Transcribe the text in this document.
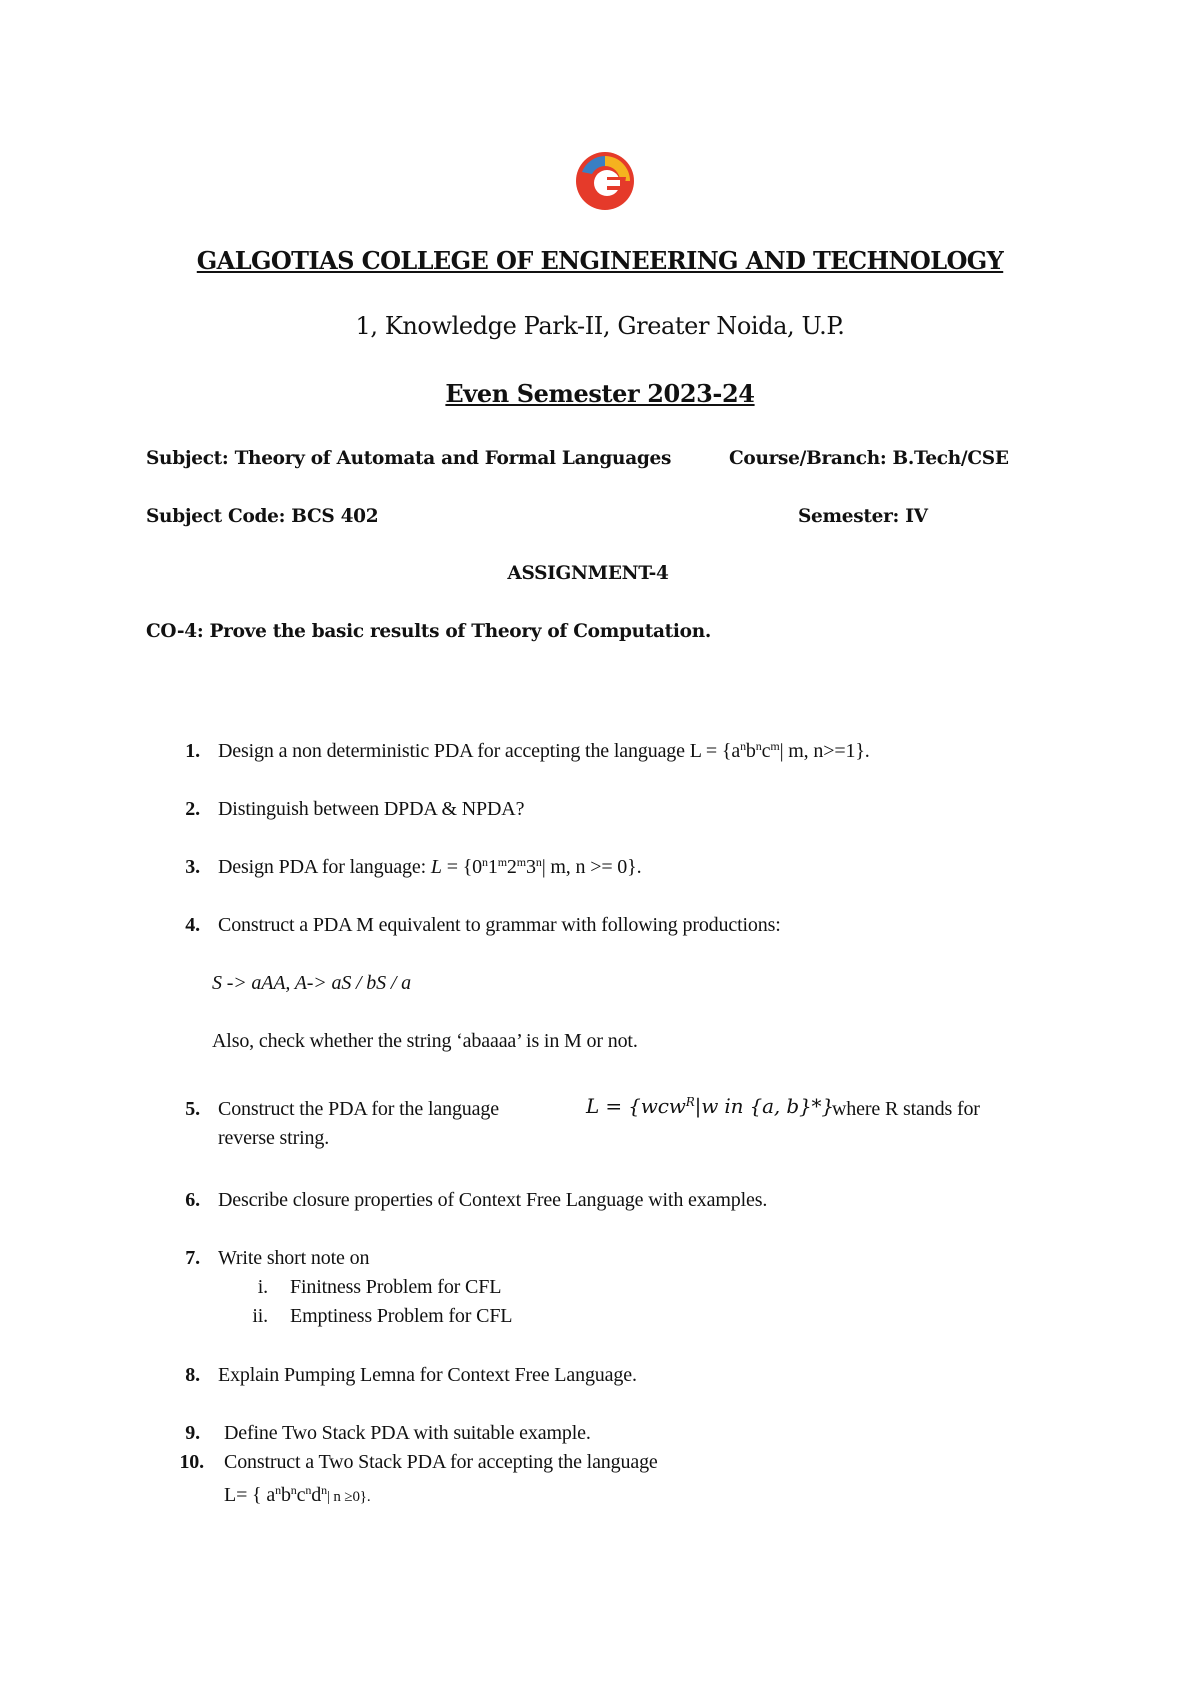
GALGOTIAS COLLEGE OF ENGINEERING AND TECHNOLOGY
1, Knowledge Park-II, Greater Noida, U.P.
Even Semester 2023-24
Subject: Theory of Automata and Formal Languages	Course/Branch: B.Tech/CSE
Subject Code: BCS 402	Semester: IV
ASSIGNMENT-4
CO-4: Prove the basic results of Theory of Computation.
1. Design a non deterministic PDA for accepting the language $L = \{a^nb^nc^m|$ m, n>=1}.
2. Distinguish between DPDA & NPDA?
3. Design PDA for language: $L = \{0^n1^m2^m3^n|$ m, n >= 0}.
4. Construct a PDA M equivalent to grammar with following productions:
S -> aAA, A-> aS / bS / a
Also, check whether the string ‘abaaaa’ is in M or not.
5. Construct the PDA for the language	L = {wcw$^R$|w in {a, b}*}
where R stands for
reverse string.
6. Describe closure properties of Context Free Language with examples.
7. Write short note on
i. Finitness Problem for CFL
ii. Emptiness Problem for CFL
8. Explain Pumping Lemna for Context Free Language.
9. Define Two Stack PDA with suitable example.
10. Construct a Two Stack PDA for accepting the language
L= { $a^nb^nc^nd^n|$ n ≥0}.
